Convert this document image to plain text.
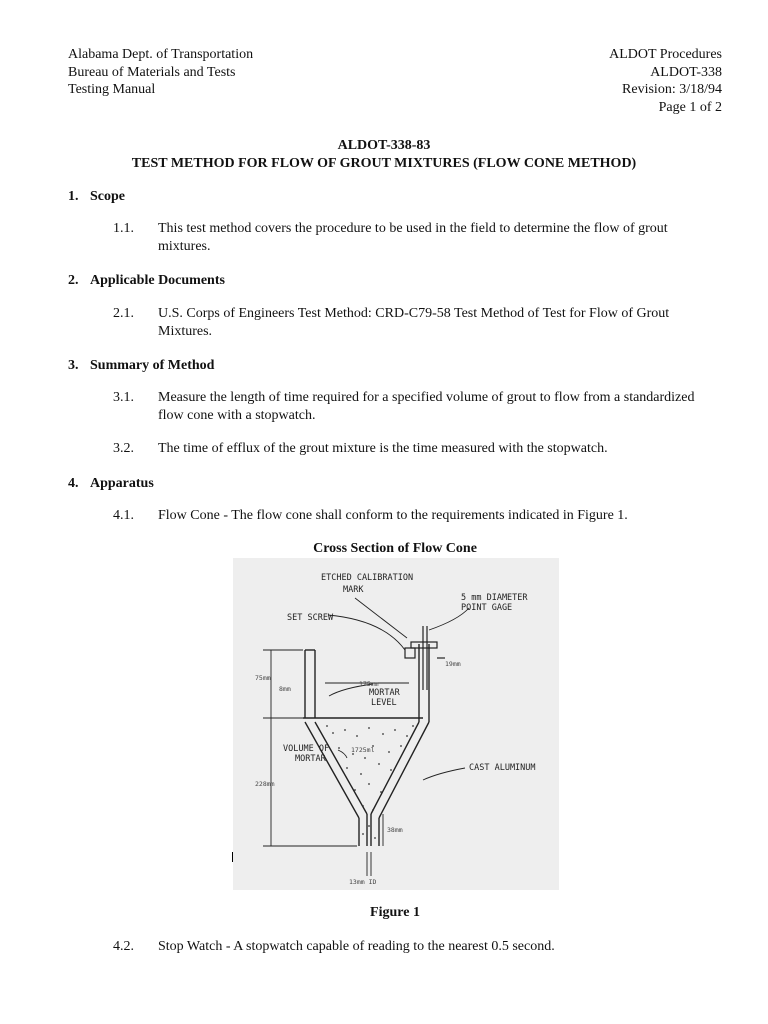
Alabama Dept. of Transportation
Bureau of Materials and Tests
Testing Manual
ALDOT Procedures
ALDOT-338
Revision: 3/18/94
Page 1 of 2
ALDOT-338-83
TEST METHOD FOR FLOW OF GROUT MIXTURES (FLOW CONE METHOD)
1. Scope
1.1. This test method covers the procedure to be used in the field to determine the flow of grout mixtures.
2. Applicable Documents
2.1. U.S. Corps of Engineers Test Method: CRD-C79-58 Test Method of Test for Flow of Grout Mixtures.
3. Summary of Method
3.1. Measure the length of time required for a specified volume of grout to flow from a standardized flow cone with a stopwatch.
3.2. The time of efflux of the grout mixture is the time measured with the stopwatch.
4. Apparatus
4.1. Flow Cone - The flow cone shall conform to the requirements indicated in Figure 1.
Cross Section of Flow Cone
ETCHED CALIBRATION
MARK
5 mm DIAMETER
POINT GAGE
SET SCREW
MORTAR
LEVEL
VOLUME OF
MORTAR
CAST ALUMINUM
175mm
1725ml
19mm
75mm
8mm
228mm
38mm
13mm ID
Figure 1
4.2. Stop Watch - A stopwatch capable of reading to the nearest 0.5 second.
